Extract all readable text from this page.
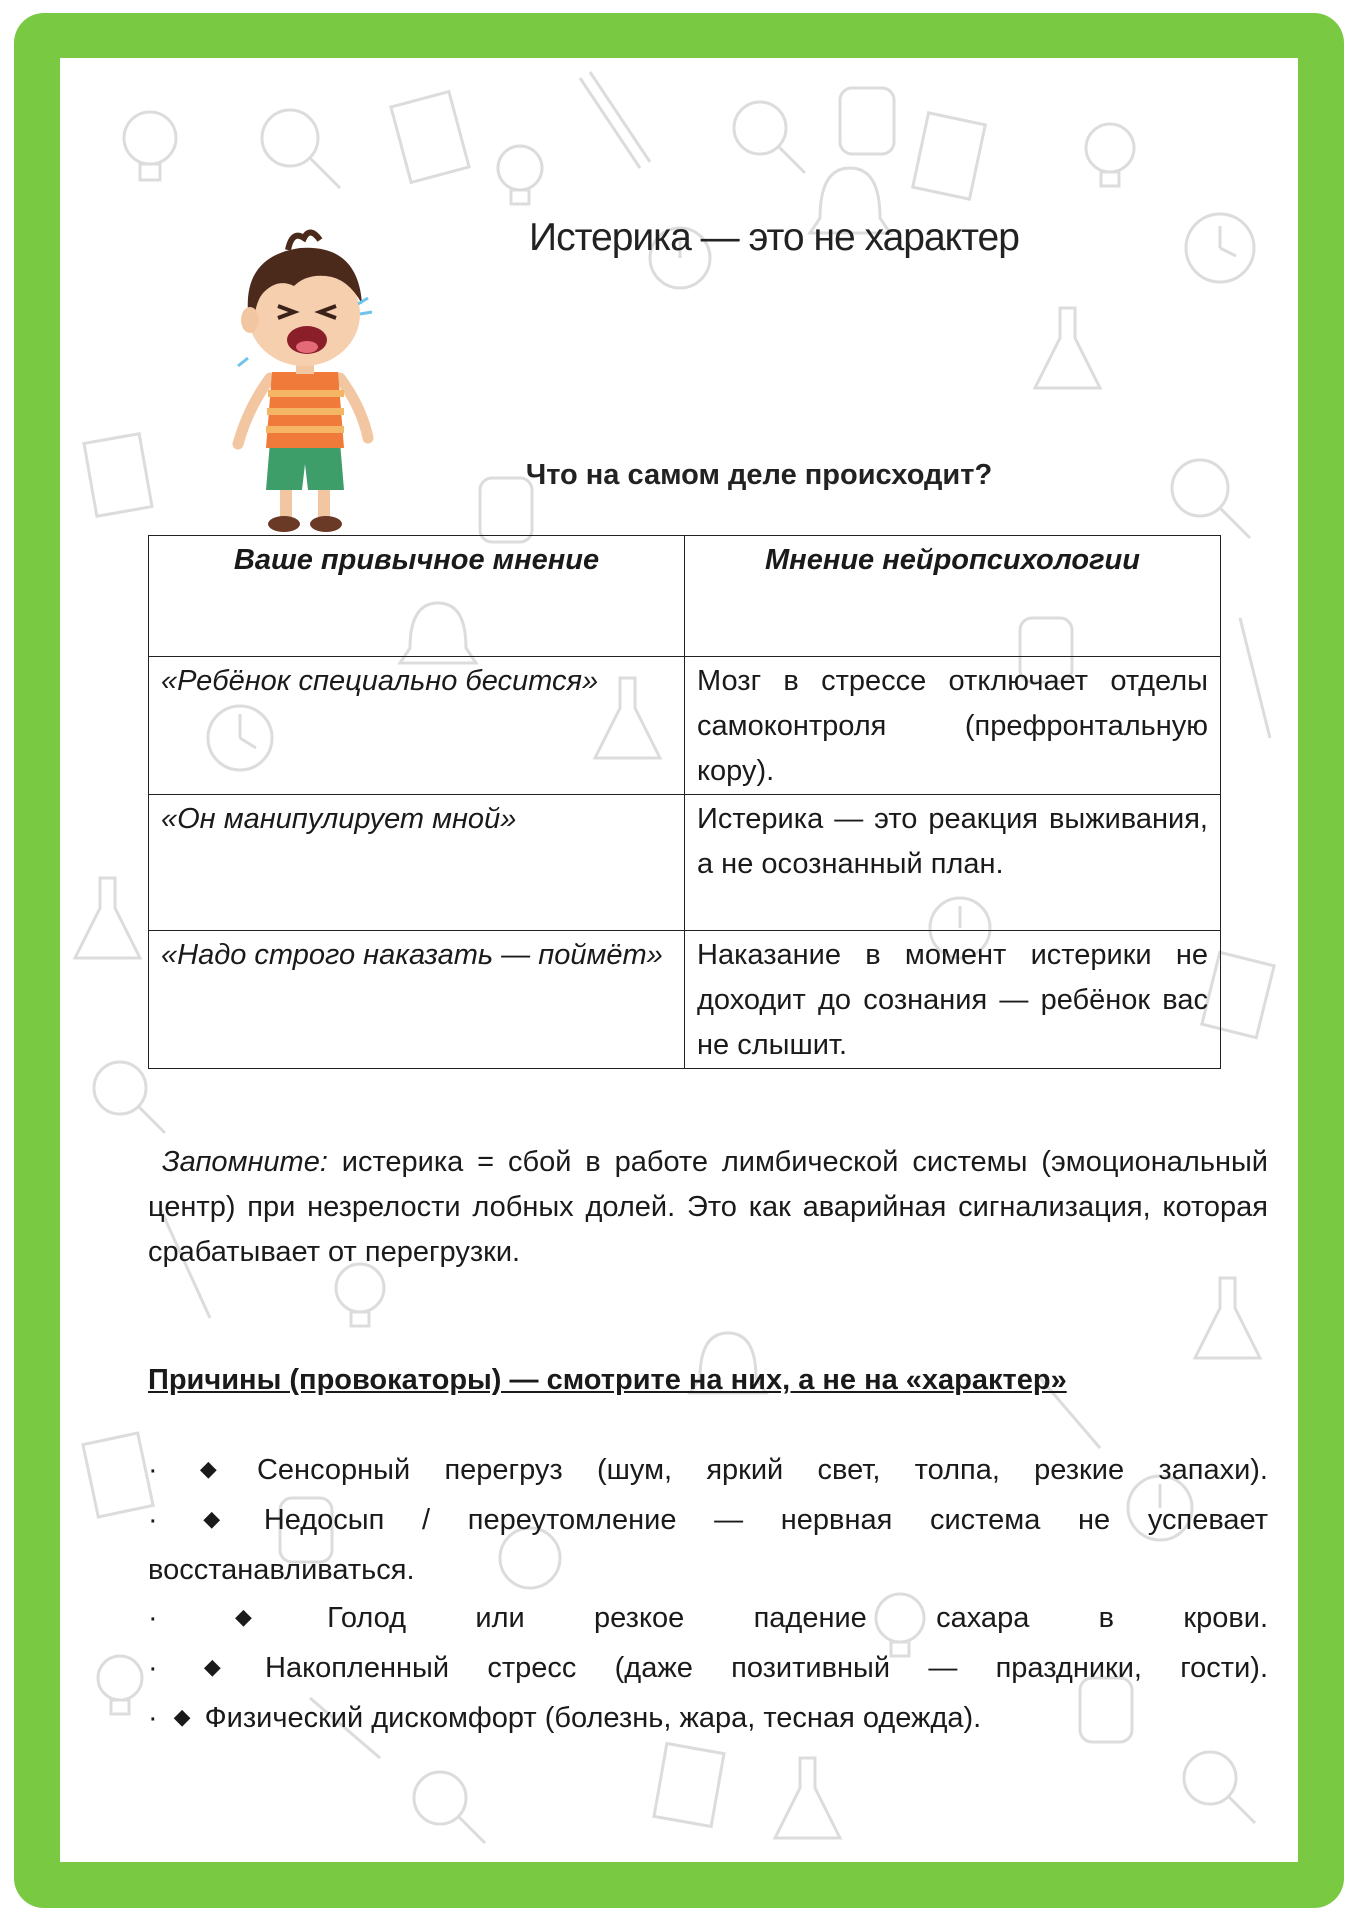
Истерика — это не характер
Что на самом деле происходит?
Ваше привычное мнение	Мнение нейропсихологии
«Ребёнок специально бесится»	Мозг в стрессе отключает отделы самоконтроля (префронтальную кору).
«Он манипулирует мной»	Истерика — это реакция выживания, а не осознанный план.
«Надо строго наказать — поймёт»	Наказание в момент истерики не доходит до сознания — ребёнок вас не слышит.
Запомните: истерика = сбой в работе лимбической системы (эмоциональный центр) при незрелости лобных долей. Это как аварийная сигнализация, которая срабатывает от перегрузки.
Причины (провокаторы) — смотрите на них, а не на «характер»
· ◆ Сенсорный перегруз (шум, яркий свет, толпа, резкие запахи).
· ◆ Недосып / переутомление — нервная система не успевает восстанавливаться.
· ◆ Голод или резкое падение сахара в крови.
· ◆ Накопленный стресс (даже позитивный — праздники, гости).
· ◆ Физический дискомфорт (болезнь, жара, тесная одежда).
